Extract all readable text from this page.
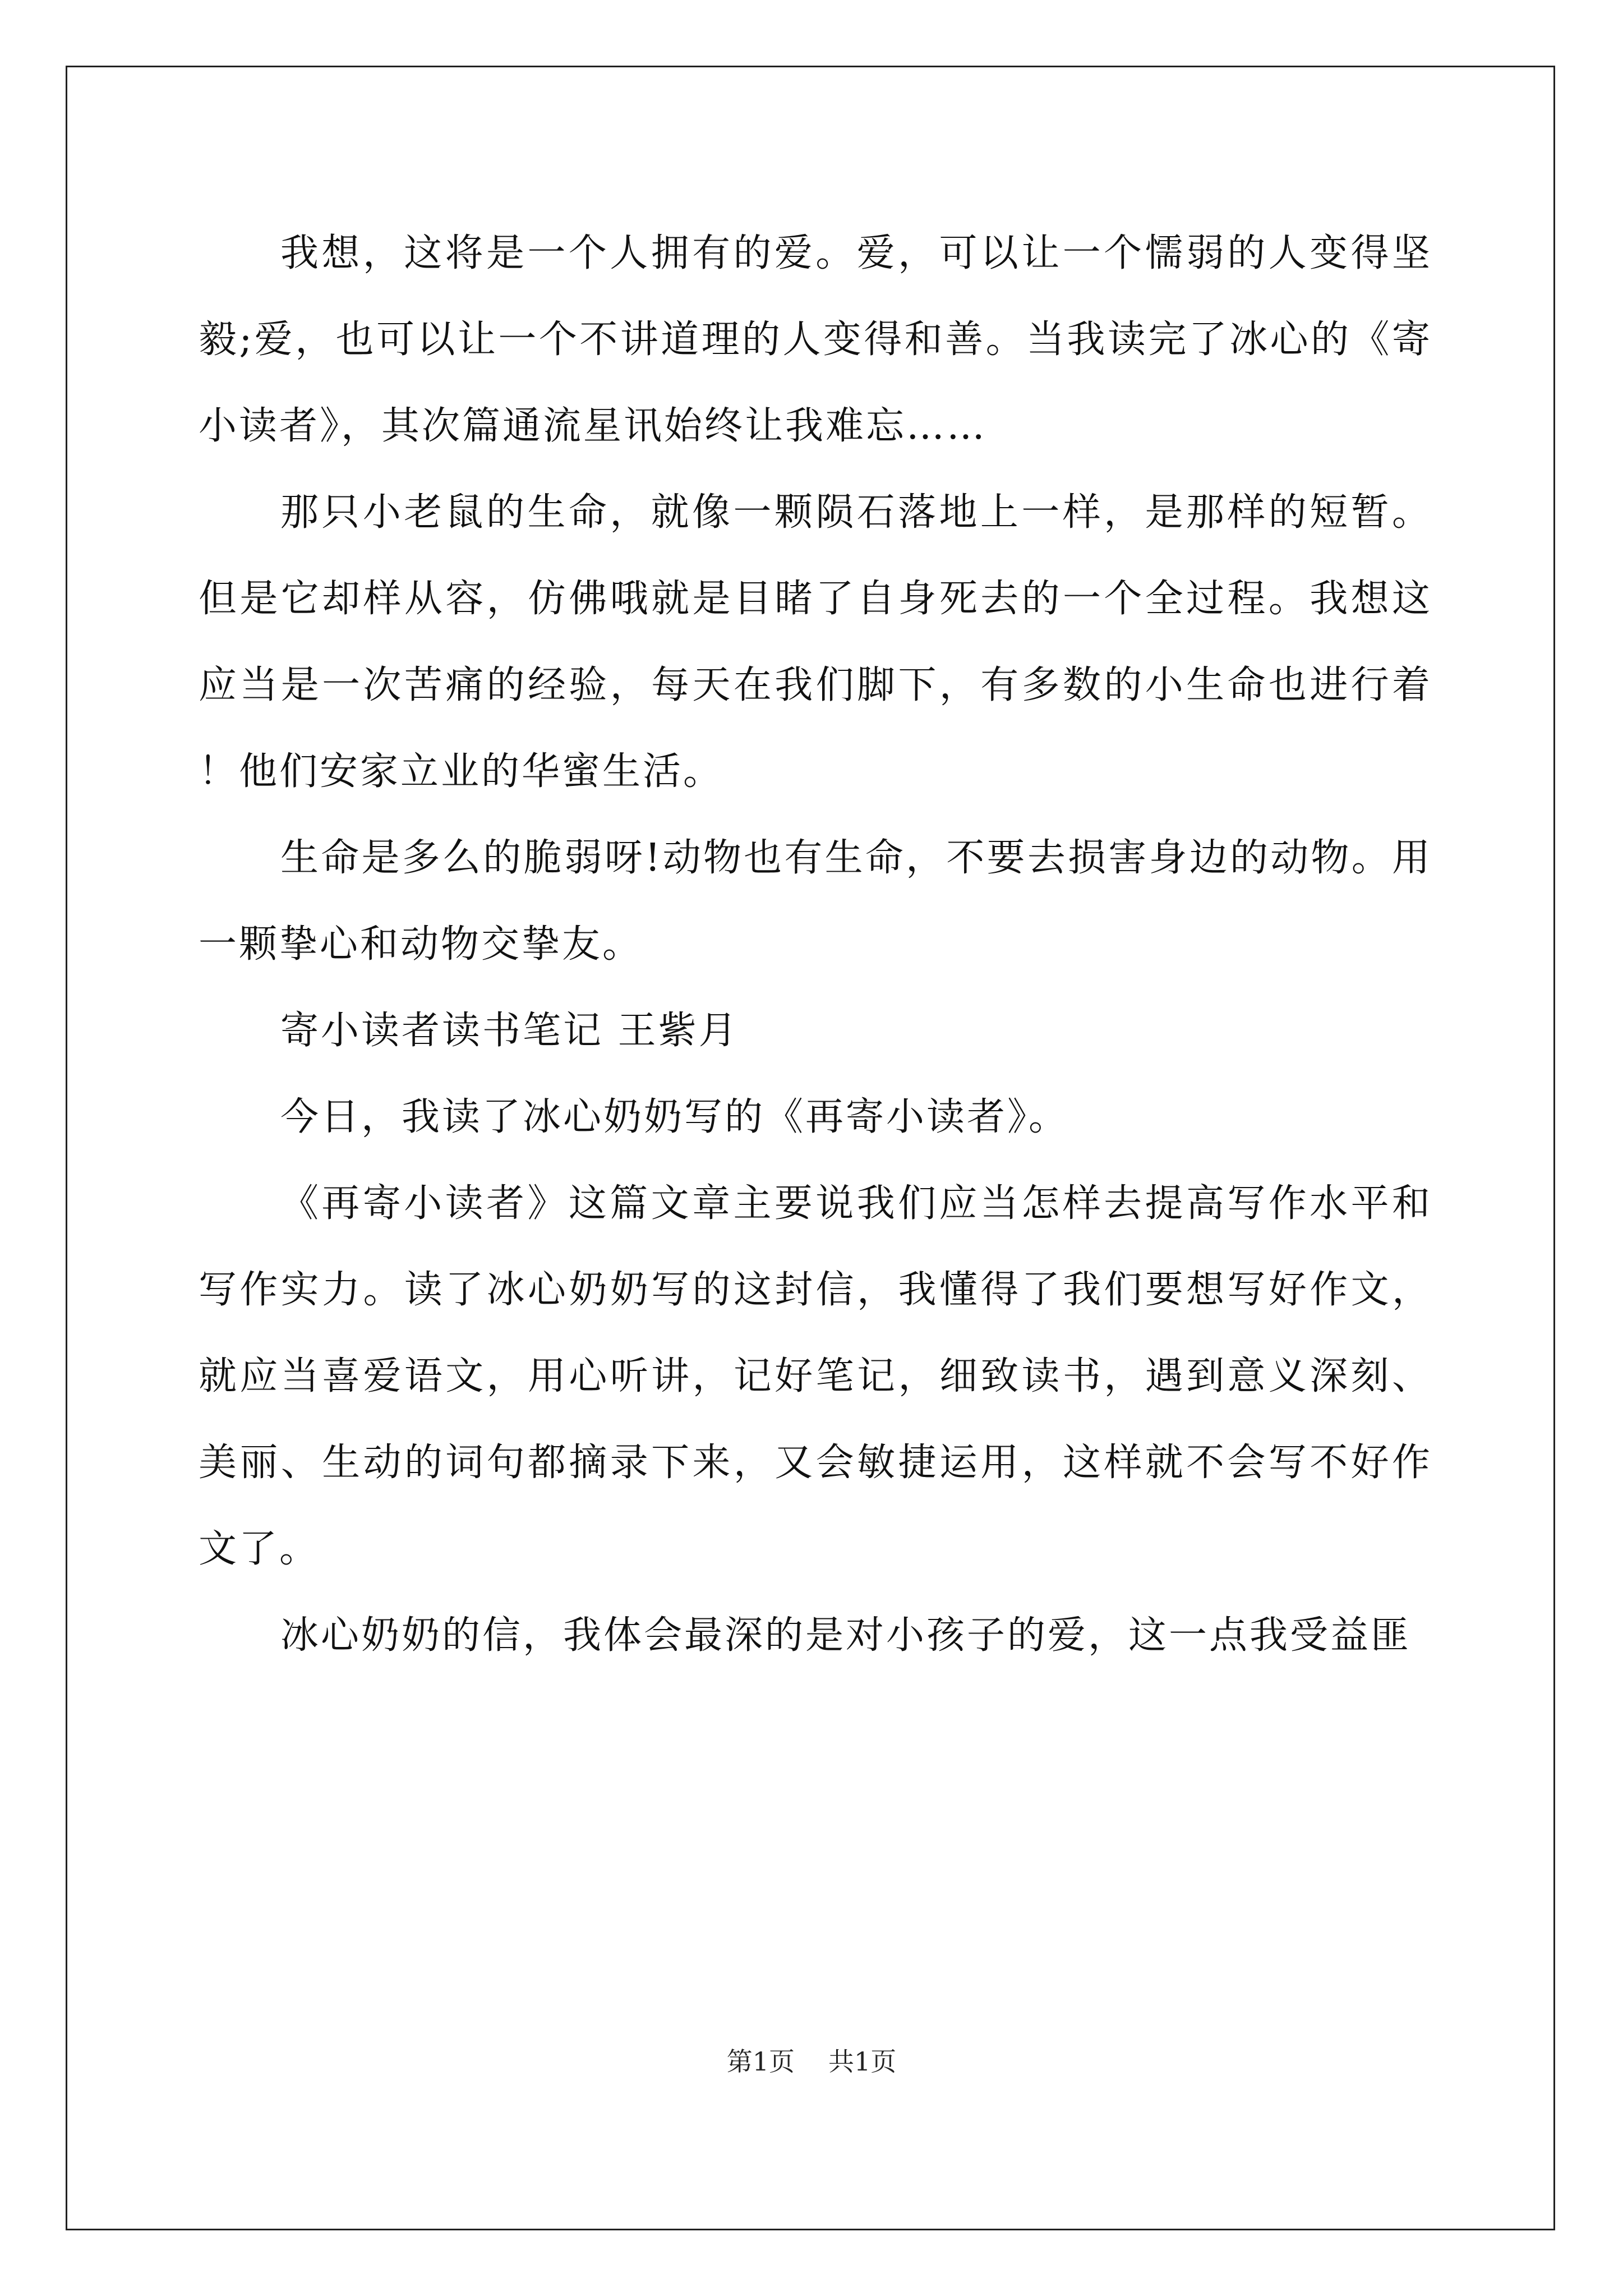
我想，这将是一个人拥有的爱。爱，可以让一个懦弱的人变得坚毅;爱，也可以让一个不讲道理的人变得和善。当我读完了冰心的《寄小读者》，其次篇通流星讯始终让我难忘……

那只小老鼠的生命，就像一颗陨石落地上一样，是那样的短暂。但是它却样从容，仿佛哦就是目睹了自身死去的一个全过程。我想这应当是一次苦痛的经验，每天在我们脚下，有多数的小生命也进行着 ！他们安家立业的华蜜生活。

生命是多么的脆弱呀!动物也有生命，不要去损害身边的动物。用一颗挚心和动物交挚友。

寄小读者读书笔记 王紫月

今日，我读了冰心奶奶写的《再寄小读者》。

《再寄小读者》这篇文章主要说我们应当怎样去提高写作水平和写作实力。读了冰心奶奶写的这封信，我懂得了我们要想写好作文，就应当喜爱语文，用心听讲，记好笔记，细致读书，遇到意义深刻、美丽、生动的词句都摘录下来，又会敏捷运用，这样就不会写不好作文了。

冰心奶奶的信，我体会最深的是对小孩子的爱，这一点我受益匪

第1页 共1页
